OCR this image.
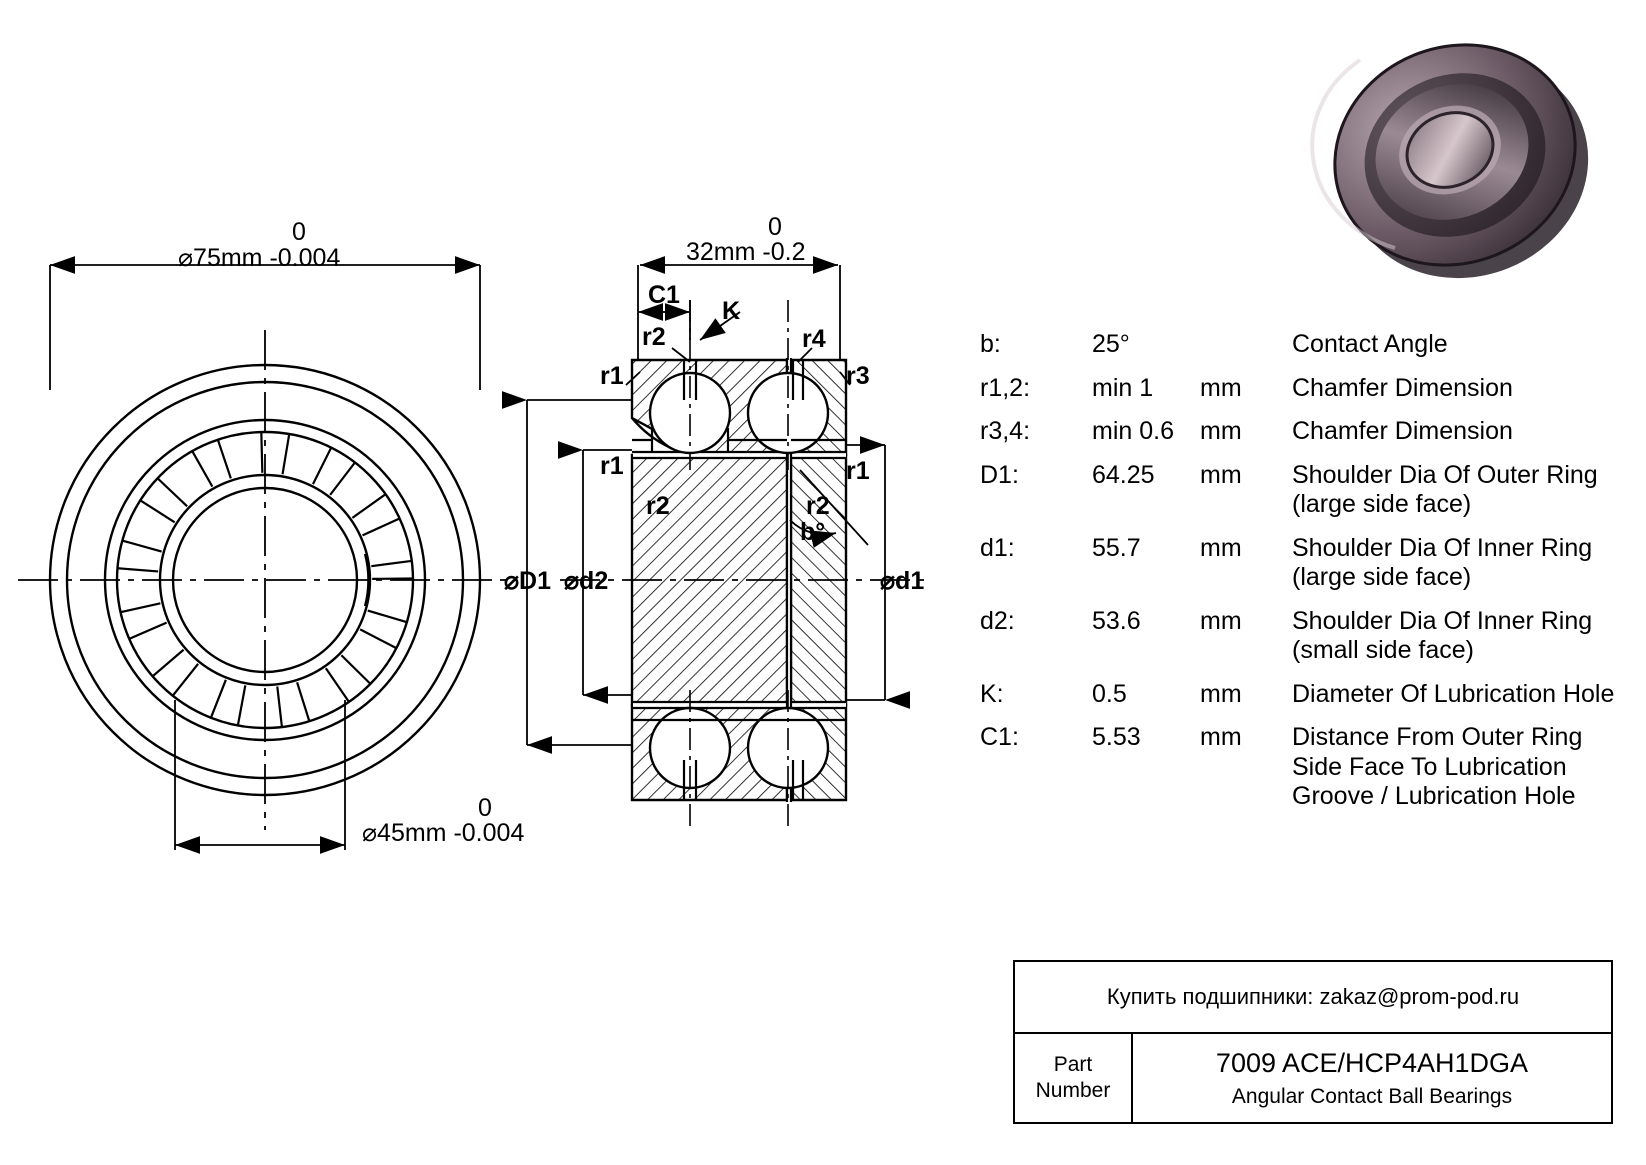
0
⌀75mm -0.004
0
⌀45mm -0.004
0
32mm -0.2
C1
K
r2	r4
r1	r3
r1	r1
r2	r2
b°
⌀D1 ⌀d2	⌀d1
b:	25°	Contact Angle
r1,2:	min 1	mm	Chamfer Dimension
r3,4:	min 0.6	mm	Chamfer Dimension
D1:	64.25	mm	Shoulder Dia Of Outer Ring (large side face)
d1:	55.7	mm	Shoulder Dia Of Inner Ring (large side face)
d2:	53.6	mm	Shoulder Dia Of Inner Ring (small side face)
K:	0.5	mm	Diameter Of Lubrication Hole
C1:	5.53	mm	Distance From Outer Ring Side Face To Lubrication Groove / Lubrication Hole
Купить подшипники: zakaz@prom-pod.ru
Part
Number
7009 ACE/HCP4AH1DGA
Angular Contact Ball Bearings
